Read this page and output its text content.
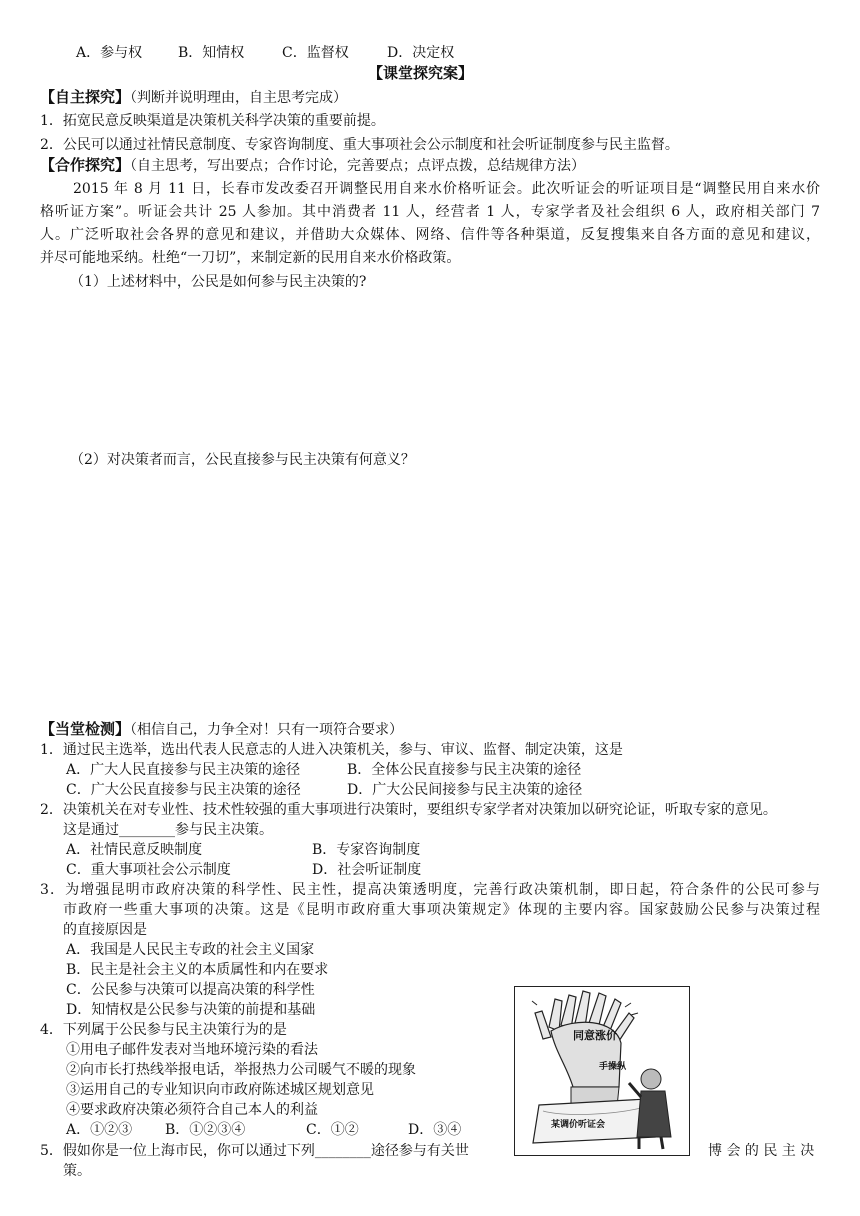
A．参与权	B．知情权	C．监督权	D．决定权
【课堂探究案】
【自主探究】（判断并说明理由，自主思考完成）
1．拓宽民意反映渠道是决策机关科学决策的重要前提。
2．公民可以通过社情民意制度、专家咨询制度、重大事项社会公示制度和社会听证制度参与民主监督。
【合作探究】（自主思考，写出要点；合作讨论，完善要点；点评点拨，总结规律方法）
2015 年 8 月 11 日，长春市发改委召开调整民用自来水价格听证会。此次听证会的听证项目是“调整民用自来水价
格听证方案”。听证会共计 25 人参加。其中消费者 11 人，经营者 1 人，专家学者及社会组织 6 人，政府相关部门 7
人。广泛听取社会各界的意见和建议，并借助大众媒体、网络、信件等各种渠道，反复搜集来自各方面的意见和建议，
并尽可能地采纳。杜绝“一刀切”，来制定新的民用自来水价格政策。
（1）上述材料中，公民是如何参与民主决策的?
（2）对决策者而言，公民直接参与民主决策有何意义？
【当堂检测】（相信自己，力争全对！只有一项符合要求）
1．通过民主选举，选出代表人民意志的人进入决策机关，参与、审议、监督、制定决策，这是
A．广大人民直接参与民主决策的途径	B．全体公民直接参与民主决策的途径
C．广大公民直接参与民主决策的途径	D．广大公民间接参与民主决策的途径
2．决策机关在对专业性、技术性较强的重大事项进行决策时，要组织专家学者对决策加以研究论证，听取专家的意见。
这是通过________参与民主决策。
A．社情民意反映制度	B．专家咨询制度
C．重大事项社会公示制度	D．社会听证制度
3．为增强昆明市政府决策的科学性、民主性，提高决策透明度，完善行政决策机制，即日起，符合条件的公民可参与
市政府一些重大事项的决策。这是《昆明市政府重大事项决策规定》体现的主要内容。国家鼓励公民参与决策过程
的直接原因是
A．我国是人民民主专政的社会主义国家
B．民主是社会主义的本质属性和内在要求
C．公民参与决策可以提高决策的科学性
D．知情权是公民参与决策的前提和基础
4．下列属于公民参与民主决策行为的是
①用电子邮件发表对当地环境污染的看法
②向市长打热线举报电话，举报热力公司暖气不暖的现象
③运用自己的专业知识向市政府陈述城区规划意见
④要求政府决策必须符合自己本人的利益
A．①②③ B．①②③④	C．①②	D．③④
5．假如你是一位上海市民，你可以通过下列________途径参与有关世	博 会 的 民 主 决
策。
同意涨价
手操纵
某调价听证会
